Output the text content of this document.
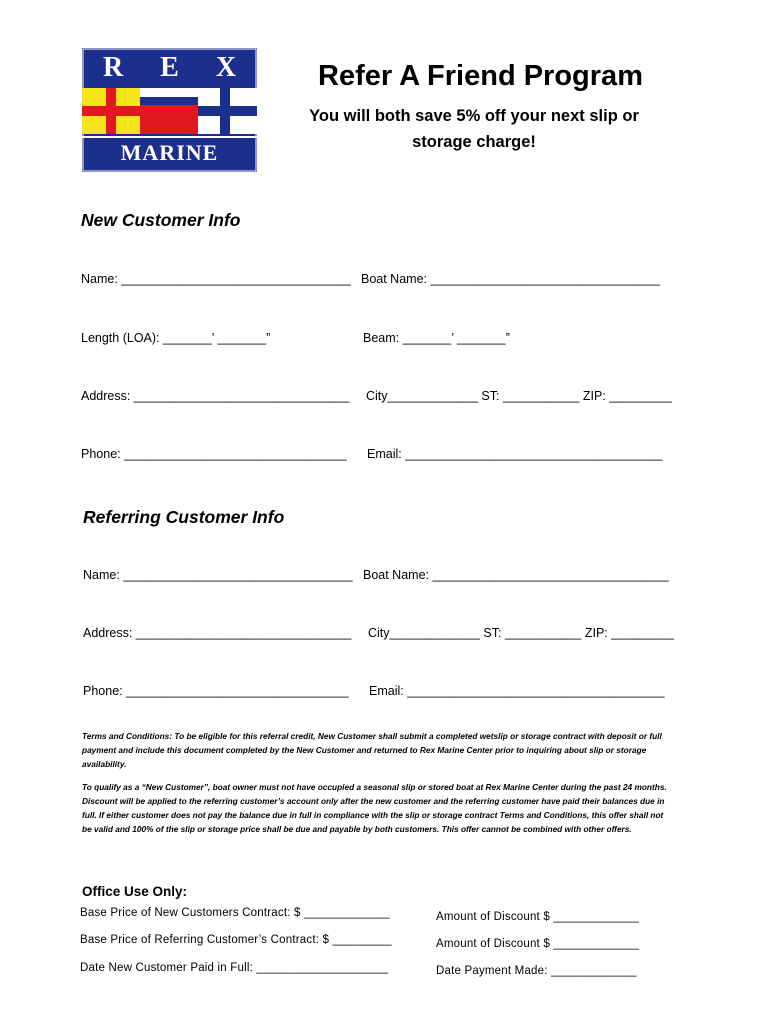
R E X
MARINE
Refer A Friend Program
You will both save 5% off your next slip or storage charge!
New Customer Info
Name: _________________________________ Boat Name: _________________________________
Length (LOA): _______’ _______”	Beam: _______’ _______”
Address: _______________________________ City_____________ ST: ___________ ZIP: _________
Phone: ________________________________ Email: _____________________________________
Referring Customer Info
Name: _________________________________ Boat Name: __________________________________
Address: _______________________________ City_____________ ST: ___________ ZIP: _________
Phone: ________________________________ Email: _____________________________________
Terms and Conditions: To be eligible for this referral credit, New Customer shall submit a completed wetslip or storage contract with deposit or full payment and include this document completed by the New Customer and returned to Rex Marine Center prior to inquiring about slip or storage availability.
To qualify as a “New Customer”, boat owner must not have occupied a seasonal slip or stored boat at Rex Marine Center during the past 24 months. Discount will be applied to the referring customer’s account only after the new customer and the referring customer have paid their balances due in full. If either customer does not pay the balance due in full in compliance with the slip or storage contract Terms and Conditions, this offer shall not be valid and 100% of the slip or storage price shall be due and payable by both customers. This offer cannot be combined with other offers.
Office Use Only:
Base Price of New Customers Contract: $ _____________	Amount of Discount $ _____________
Base Price of Referring Customer’s Contract: $ _________	Amount of Discount $ _____________
Date New Customer Paid in Full: ____________________	Date Payment Made: _____________
